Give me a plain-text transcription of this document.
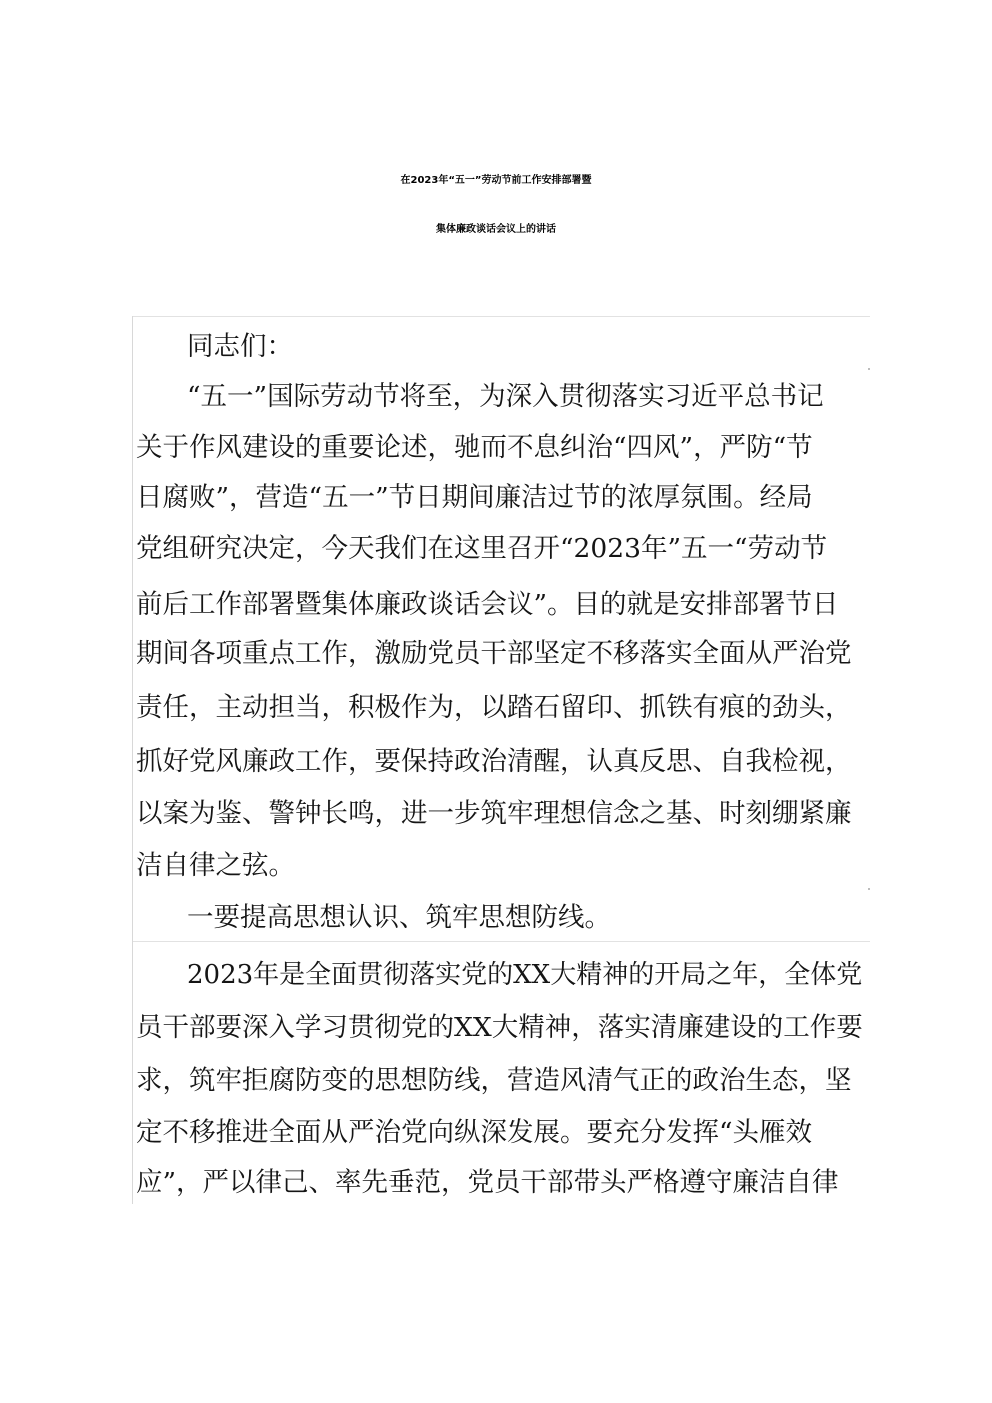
在2023年“五一”劳动节前工作安排部署暨
集体廉政谈话会议上的讲话
同志们：
“五一”国际劳动节将至，为深入贯彻落实习近平总书记
关于作风建设的重要论述，驰而不息纠治“四风”，严防“节
日腐败”，营造“五一”节日期间廉洁过节的浓厚氛围。经局
党组研究决定，今天我们在这里召开“2023年”五一“劳动节
前后工作部署暨集体廉政谈话会议”。目的就是安排部署节日
期间各项重点工作，激励党员干部坚定不移落实全面从严治党
责任，主动担当，积极作为，以踏石留印、抓铁有痕的劲头，
抓好党风廉政工作，要保持政治清醒，认真反思、自我检视，
以案为鉴、警钟长鸣，进一步筑牢理想信念之基、时刻绷紧廉
洁自律之弦。
一要提高思想认识、筑牢思想防线。
2023年是全面贯彻落实党的XX大精神的开局之年，全体党
员干部要深入学习贯彻党的XX大精神，落实清廉建设的工作要
求，筑牢拒腐防变的思想防线，营造风清气正的政治生态，坚
定不移推进全面从严治党向纵深发展。要充分发挥“头雁效
应”，严以律己、率先垂范，党员干部带头严格遵守廉洁自律
